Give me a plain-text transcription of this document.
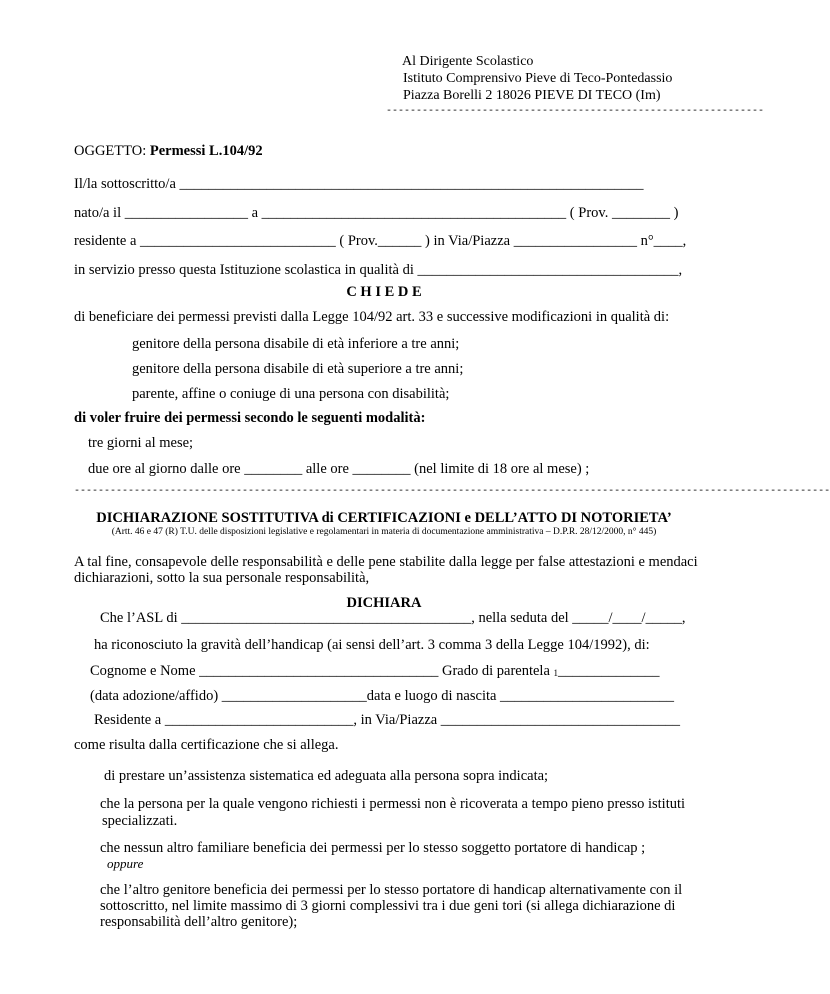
Al Dirigente Scolastico
Istituto Comprensivo Pieve di Teco-Pontedassio
Piazza Borelli 2 18026 PIEVE DI TECO (Im)
---------------------------------------------------------------
OGGETTO: Permessi L.104/92
Il/la sottoscritto/a ________________________________________________________________
nato/a il _________________ a __________________________________________ ( Prov. ________ )
residente a ___________________________ ( Prov.______ ) in Via/Piazza _________________ n°____,
in servizio presso questa Istituzione scolastica in qualità di ____________________________________,
C H I E D E
di beneficiare dei permessi previsti dalla Legge 104/92 art. 33 e successive modificazioni in qualità di:
genitore della persona disabile di età inferiore a tre anni;
genitore della persona disabile di età superiore a tre anni;
parente, affine o coniuge di una persona con disabilità;
di voler fruire dei permessi secondo le seguenti modalità:
tre giorni al mese;
due ore al giorno dalle ore ________ alle ore ________ (nel limite di 18 ore al mese) ;
------------------------------------------------------------------------------------------------------------------------------
DICHIARAZIONE SOSTITUTIVA di CERTIFICAZIONI e DELL’ATTO DI NOTORIETA’
(Artt. 46 e 47 (R) T.U. delle disposizioni legislative e regolamentari in materia di documentazione amministrativa – D.P.R. 28/12/2000, n° 445)
A tal fine, consapevole delle responsabilità e delle pene stabilite dalla legge per false attestazioni e mendaci
dichiarazioni, sotto la sua personale responsabilità,
DICHIARA
Che l’ASL di ________________________________________, nella seduta del _____/____/_____,
ha riconosciuto la gravità dell’handicap (ai sensi dell’art. 3 comma 3 della Legge 104/1992), di:
Cognome e Nome _________________________________ Grado di parentela 1______________
(data adozione/affido) ____________________data e luogo di nascita ________________________
Residente a __________________________, in Via/Piazza _________________________________
come risulta dalla certificazione che si allega.
di prestare un’assistenza sistematica ed adeguata alla persona sopra indicata;
che la persona per la quale vengono richiesti i permessi non è ricoverata a tempo pieno presso istituti
specializzati.
che nessun altro familiare beneficia dei permessi per lo stesso soggetto portatore di handicap ;
oppure
che l’altro genitore beneficia dei permessi per lo stesso portatore di handicap alternativamente con il
sottoscritto, nel limite massimo di 3 giorni complessivi tra i due geni tori (si allega dichiarazione di
responsabilità dell’altro genitore);
